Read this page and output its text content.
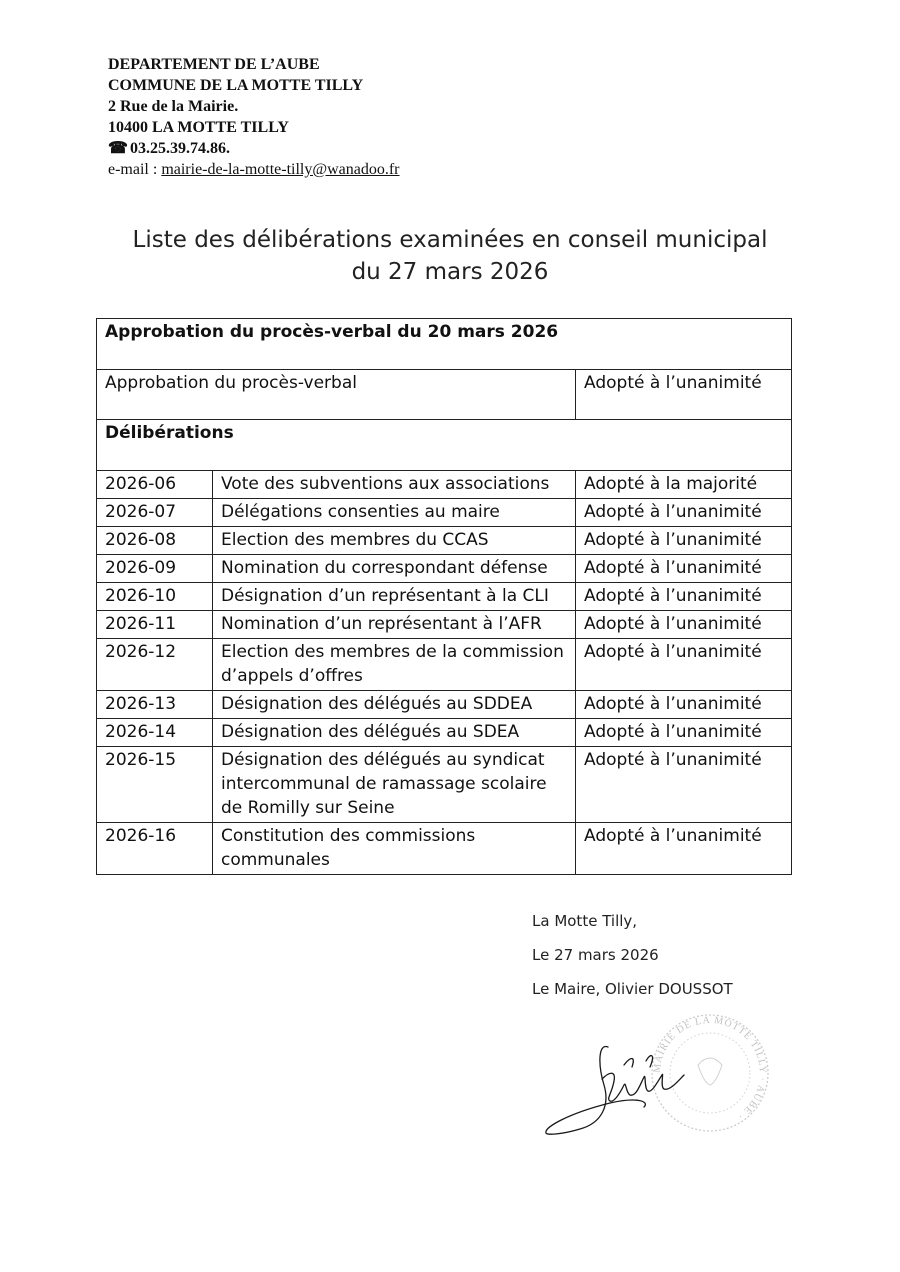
DEPARTEMENT DE L’AUBE
COMMUNE DE LA MOTTE TILLY
2 Rue de la Mairie.
10400 LA MOTTE TILLY
☎ 03.25.39.74.86.
e-mail : mairie-de-la-motte-tilly@wanadoo.fr
Liste des délibérations examinées en conseil municipal
du 27 mars 2026
Approbation du procès-verbal du 20 mars 2026		
Approbation du procès-verbal		Adopté à l’unanimité
Délibérations		
2026-06	Vote des subventions aux associations	Adopté à la majorité
2026-07	Délégations consenties au maire	Adopté à l’unanimité
2026-08	Election des membres du CCAS	Adopté à l’unanimité
2026-09	Nomination du correspondant défense	Adopté à l’unanimité
2026-10	Désignation d’un représentant à la CLI	Adopté à l’unanimité
2026-11	Nomination d’un représentant à l’AFR	Adopté à l’unanimité
2026-12	Election des membres de la commission d’appels d’offres	Adopté à l’unanimité
2026-13	Désignation des délégués au SDDEA	Adopté à l’unanimité
2026-14	Désignation des délégués au SDEA	Adopté à l’unanimité
2026-15	Désignation des délégués au syndicat intercommunal de ramassage scolaire de Romilly sur Seine	Adopté à l’unanimité
2026-16	Constitution des commissions communales	Adopté à l’unanimité
La Motte Tilly,
Le 27 mars 2026
Le Maire, Olivier DOUSSOT
MAIRIE DE LA MOTTE TILLY · AUBE ·
